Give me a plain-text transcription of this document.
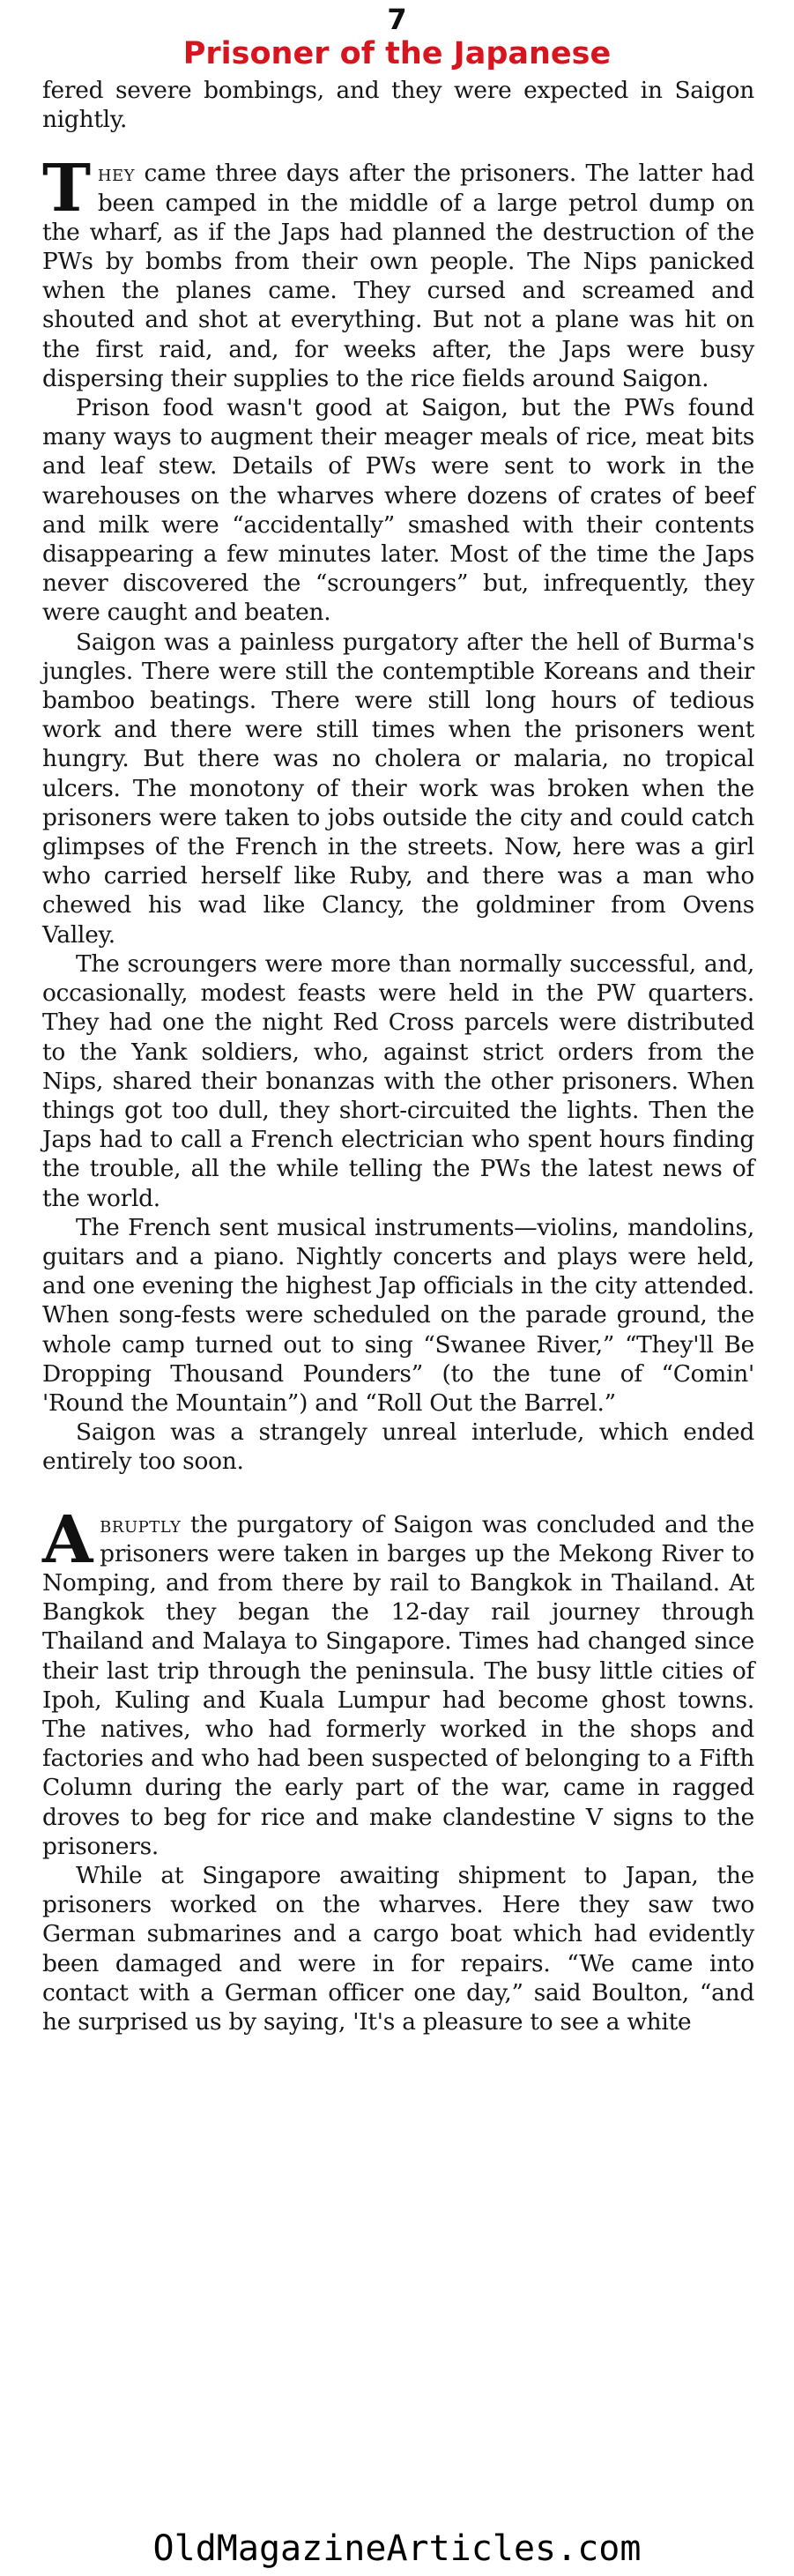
7
Prisoner of the Japanese

fered severe bombings, and they were expected in Saigon nightly.

They came three days after the prisoners. The latter had been camped in the middle of a large petrol dump on the wharf, as if the Japs had planned the destruction of the PWs by bombs from their own people. The Nips panicked when the planes came. They cursed and screamed and shouted and shot at everything. But not a plane was hit on the first raid, and, for weeks after, the Japs were busy dispersing their supplies to the rice fields around Saigon.

Prison food wasn't good at Saigon, but the PWs found many ways to augment their meager meals of rice, meat bits and leaf stew. Details of PWs were sent to work in the warehouses on the wharves where dozens of crates of beef and milk were “accidentally” smashed with their contents disappearing a few minutes later. Most of the time the Japs never discovered the “scroungers” but, infrequently, they were caught and beaten.

Saigon was a painless purgatory after the hell of Burma's jungles. There were still the contemptible Koreans and their bamboo beatings. There were still long hours of tedious work and there were still times when the prisoners went hungry. But there was no cholera or malaria, no tropical ulcers. The monotony of their work was broken when the prisoners were taken to jobs outside the city and could catch glimpses of the French in the streets. Now, here was a girl who carried herself like Ruby, and there was a man who chewed his wad like Clancy, the goldminer from Ovens Valley.

The scroungers were more than normally successful, and, occasionally, modest feasts were held in the PW quarters. They had one the night Red Cross parcels were distributed to the Yank soldiers, who, against strict orders from the Nips, shared their bonanzas with the other prisoners. When things got too dull, they short-circuited the lights. Then the Japs had to call a French electrician who spent hours finding the trouble, all the while telling the PWs the latest news of the world.

The French sent musical instruments—violins, mandolins, guitars and a piano. Nightly concerts and plays were held, and one evening the highest Jap officials in the city attended. When song-fests were scheduled on the parade ground, the whole camp turned out to sing “Swanee River,” “They'll Be Dropping Thousand Pounders” (to the tune of “Comin' 'Round the Mountain”) and “Roll Out the Barrel.”

Saigon was a strangely unreal interlude, which ended entirely too soon.

Abruptly the purgatory of Saigon was concluded and the prisoners were taken in barges up the Mekong River to Nomping, and from there by rail to Bangkok in Thailand. At Bangkok they began the 12-day rail journey through Thailand and Malaya to Singapore. Times had changed since their last trip through the peninsula. The busy little cities of Ipoh, Kuling and Kuala Lumpur had become ghost towns. The natives, who had formerly worked in the shops and factories and who had been suspected of belonging to a Fifth Column during the early part of the war, came in ragged droves to beg for rice and make clandestine V signs to the prisoners.

While at Singapore awaiting shipment to Japan, the prisoners worked on the wharves. Here they saw two German submarines and a cargo boat which had evidently been damaged and were in for repairs. “We came into contact with a German officer one day,” said Boulton, “and he surprised us by saying, 'It's a pleasure to see a white

OldMagazineArticles.com
